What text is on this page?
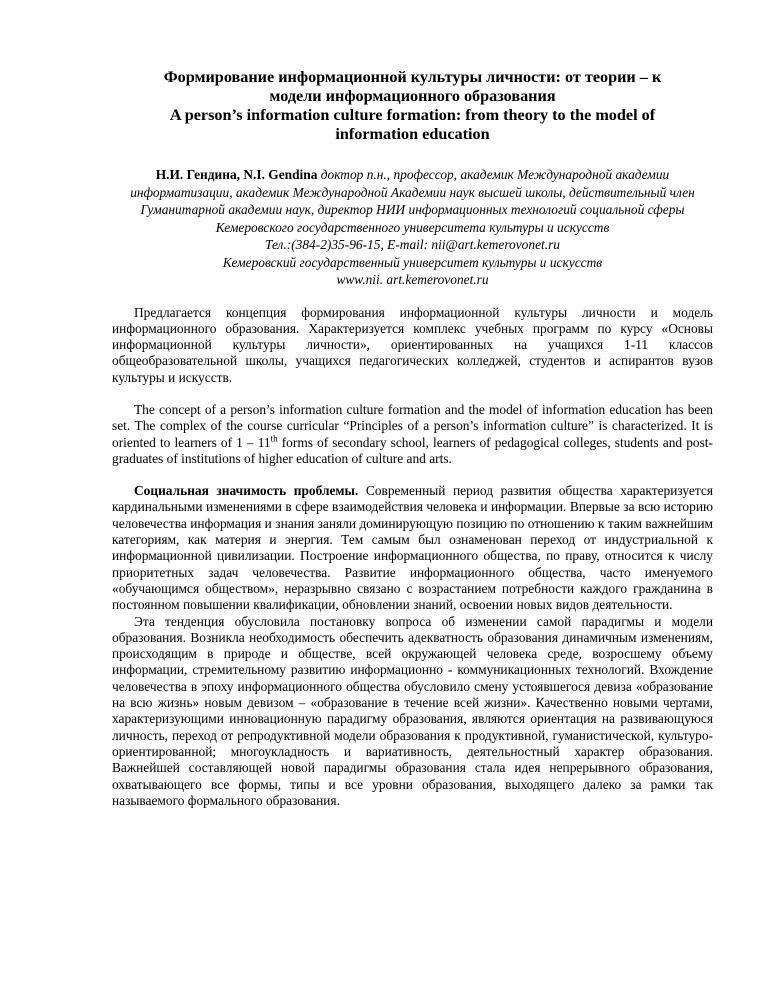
Формирование информационной культуры личности: от теории – к
модели информационного образования
A person’s information culture formation: from theory to the model of
information education
Н.И. Гендина, N.I. Gendina доктор п.н., профессор, академик Международной академии информатизации, академик Международной Академии наук высшей школы, действительный член Гуманитарной академии наук, директор НИИ информационных технологий социальной сферы Кемеровского государственного университета культуры и искусств
Тел.:(384-2)35-96-15, E-mail: nii@art.kemerovonet.ru
Кемеровский государственный университет культуры и искусств
www.nii. art.kemerovonet.ru

Предлагается концепция формирования информационной культуры личности и модель информационного образования. Характеризуется комплекс учебных программ по курсу «Основы информационной культуры личности», ориентированных на учащихся 1-11 классов общеобразовательной школы, учащихся педагогических колледжей, студентов и аспирантов вузов культуры и искусств.

The concept of a person’s information culture formation and the model of information education has been set. The complex of the course curricular “Principles of a person’s information culture” is characterized. It is oriented to learners of 1 – 11th forms of secondary school, learners of pedagogical colleges, students and post-graduates of institutions of higher education of culture and arts.

Социальная значимость проблемы. Современный период развития общества характеризуется кардинальными изменениями в сфере взаимодействия человека и информации. Впервые за всю историю человечества информация и знания заняли доминирующую позицию по отношению к таким важнейшим категориям, как материя и энергия. Тем самым был ознаменован переход от индустриальной к информационной цивилизации. Построение информационного общества, по праву, относится к числу приоритетных задач человечества. Развитие информационного общества, часто именуемого «обучающимся обществом», неразрывно связано с возрастанием потребности каждого гражданина в постоянном повышении квалификации, обновлении знаний, освоении новых видов деятельности.

Эта тенденция обусловила постановку вопроса об изменении самой парадигмы и модели образования. Возникла необходимость обеспечить адекватность образования динамичным изменениям, происходящим в природе и обществе, всей окружающей человека среде, возросшему объему информации, стремительному развитию информационно - коммуникационных технологий. Вхождение человечества в эпоху информационного общества обусловило смену устоявшегося девиза «образование на всю жизнь» новым девизом – «образование в течение всей жизни». Качественно новыми чертами, характеризующими инновационную парадигму образования, являются ориентация на развивающуюся личность, переход от репродуктивной модели образования к продуктивной, гуманистической, культуро-ориентированной; многоукладность и вариативность, деятельностный характер образования. Важнейшей составляющей новой парадигмы образования стала идея непрерывного образования, охватывающего все формы, типы и все уровни образования, выходящего далеко за рамки так называемого формального образования.
